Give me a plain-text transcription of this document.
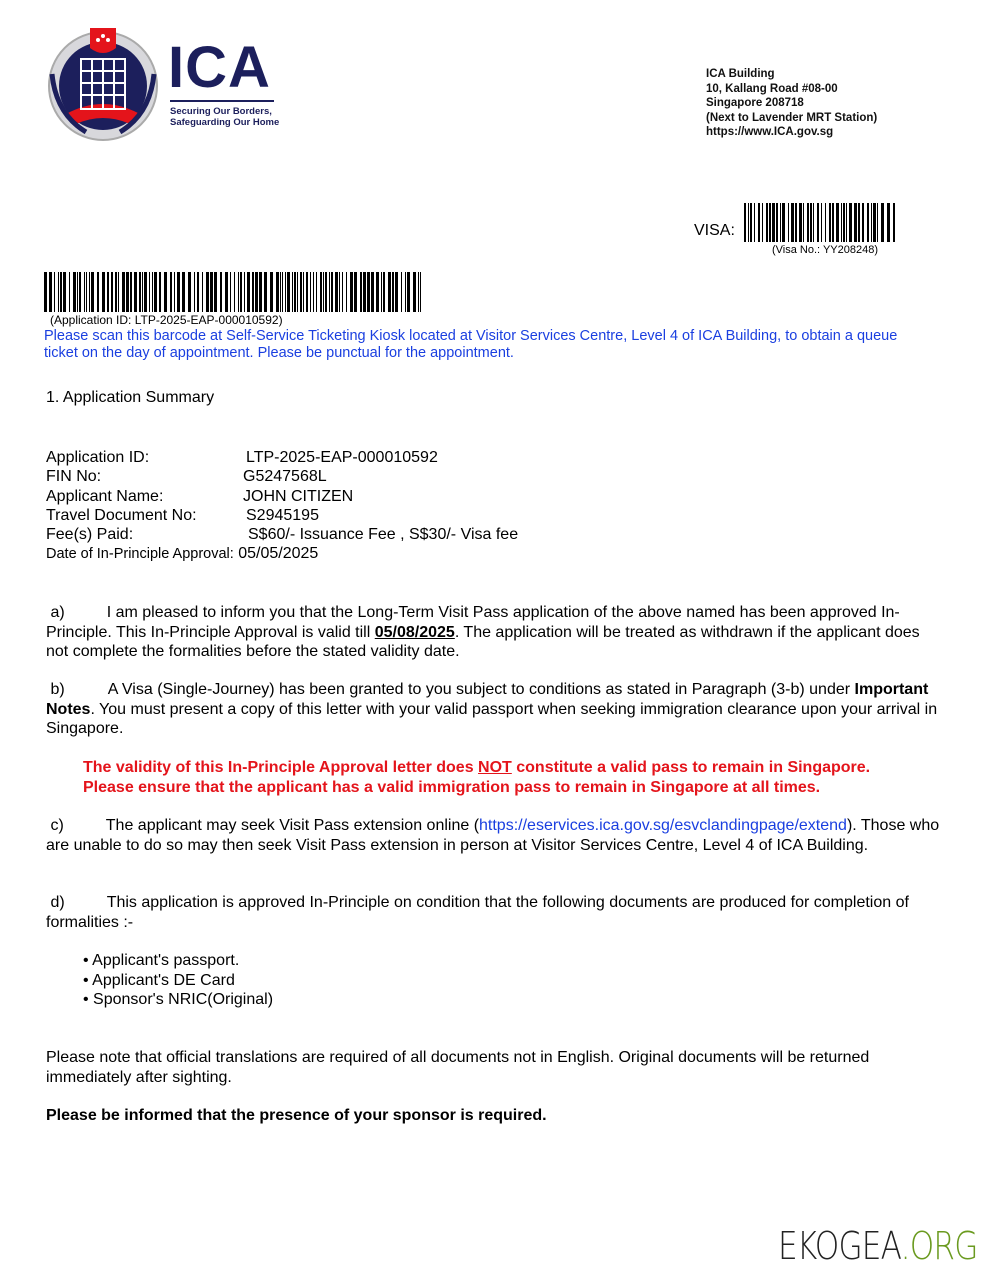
ICA
Securing Our Borders,
Safeguarding Our Home
ICA Building
10, Kallang Road #08-00
Singapore 208718
(Next to Lavender MRT Station)
https://www.ICA.gov.sg
VISA:
(Visa No.: YY208248)
(Application ID: LTP-2025-EAP-000010592)

Please scan this barcode at Self-Service Ticketing Kiosk located at Visitor Services Centre, Level 4 of ICA Building, to obtain a queue ticket on the day of appointment. Please be punctual for the appointment.

1. Application Summary
Application ID:	LTP-2025-EAP-000010592
FIN No:	G5247568L
Applicant Name:	JOHN CITIZEN
Travel Document No:	S2945195
Fee(s) Paid:	S$60/- Issuance Fee , S$30/- Visa fee
Date of In-Principle Approval: 05/05/2025

a)	I am pleased to inform you that the Long-Term Visit Pass application of the above named has been approved In-Principle. This In-Principle Approval is valid till 05/08/2025. The application will be treated as withdrawn if the applicant does not complete the formalities before the stated validity date.

b)	A Visa (Single-Journey) has been granted to you subject to conditions as stated in Paragraph (3-b) under Important Notes. You must present a copy of this letter with your valid passport when seeking immigration clearance upon your arrival in Singapore.

The validity of this In-Principle Approval letter does NOT constitute a valid pass to remain in Singapore.
Please ensure that the applicant has a valid immigration pass to remain in Singapore at all times.

c)	The applicant may seek Visit Pass extension online (https://eservices.ica.gov.sg/esvclandingpage/extend). Those who are unable to do so may then seek Visit Pass extension in person at Visitor Services Centre, Level 4 of ICA Building.

d)	This application is approved In-Principle on condition that the following documents are produced for completion of formalities :-

• Applicant's passport.
• Applicant's DE Card
• Sponsor's NRIC(Original)

Please note that official translations are required of all documents not in English. Original documents will be returned immediately after sighting.

Please be informed that the presence of your sponsor is required.

EKOGEA.ORG
